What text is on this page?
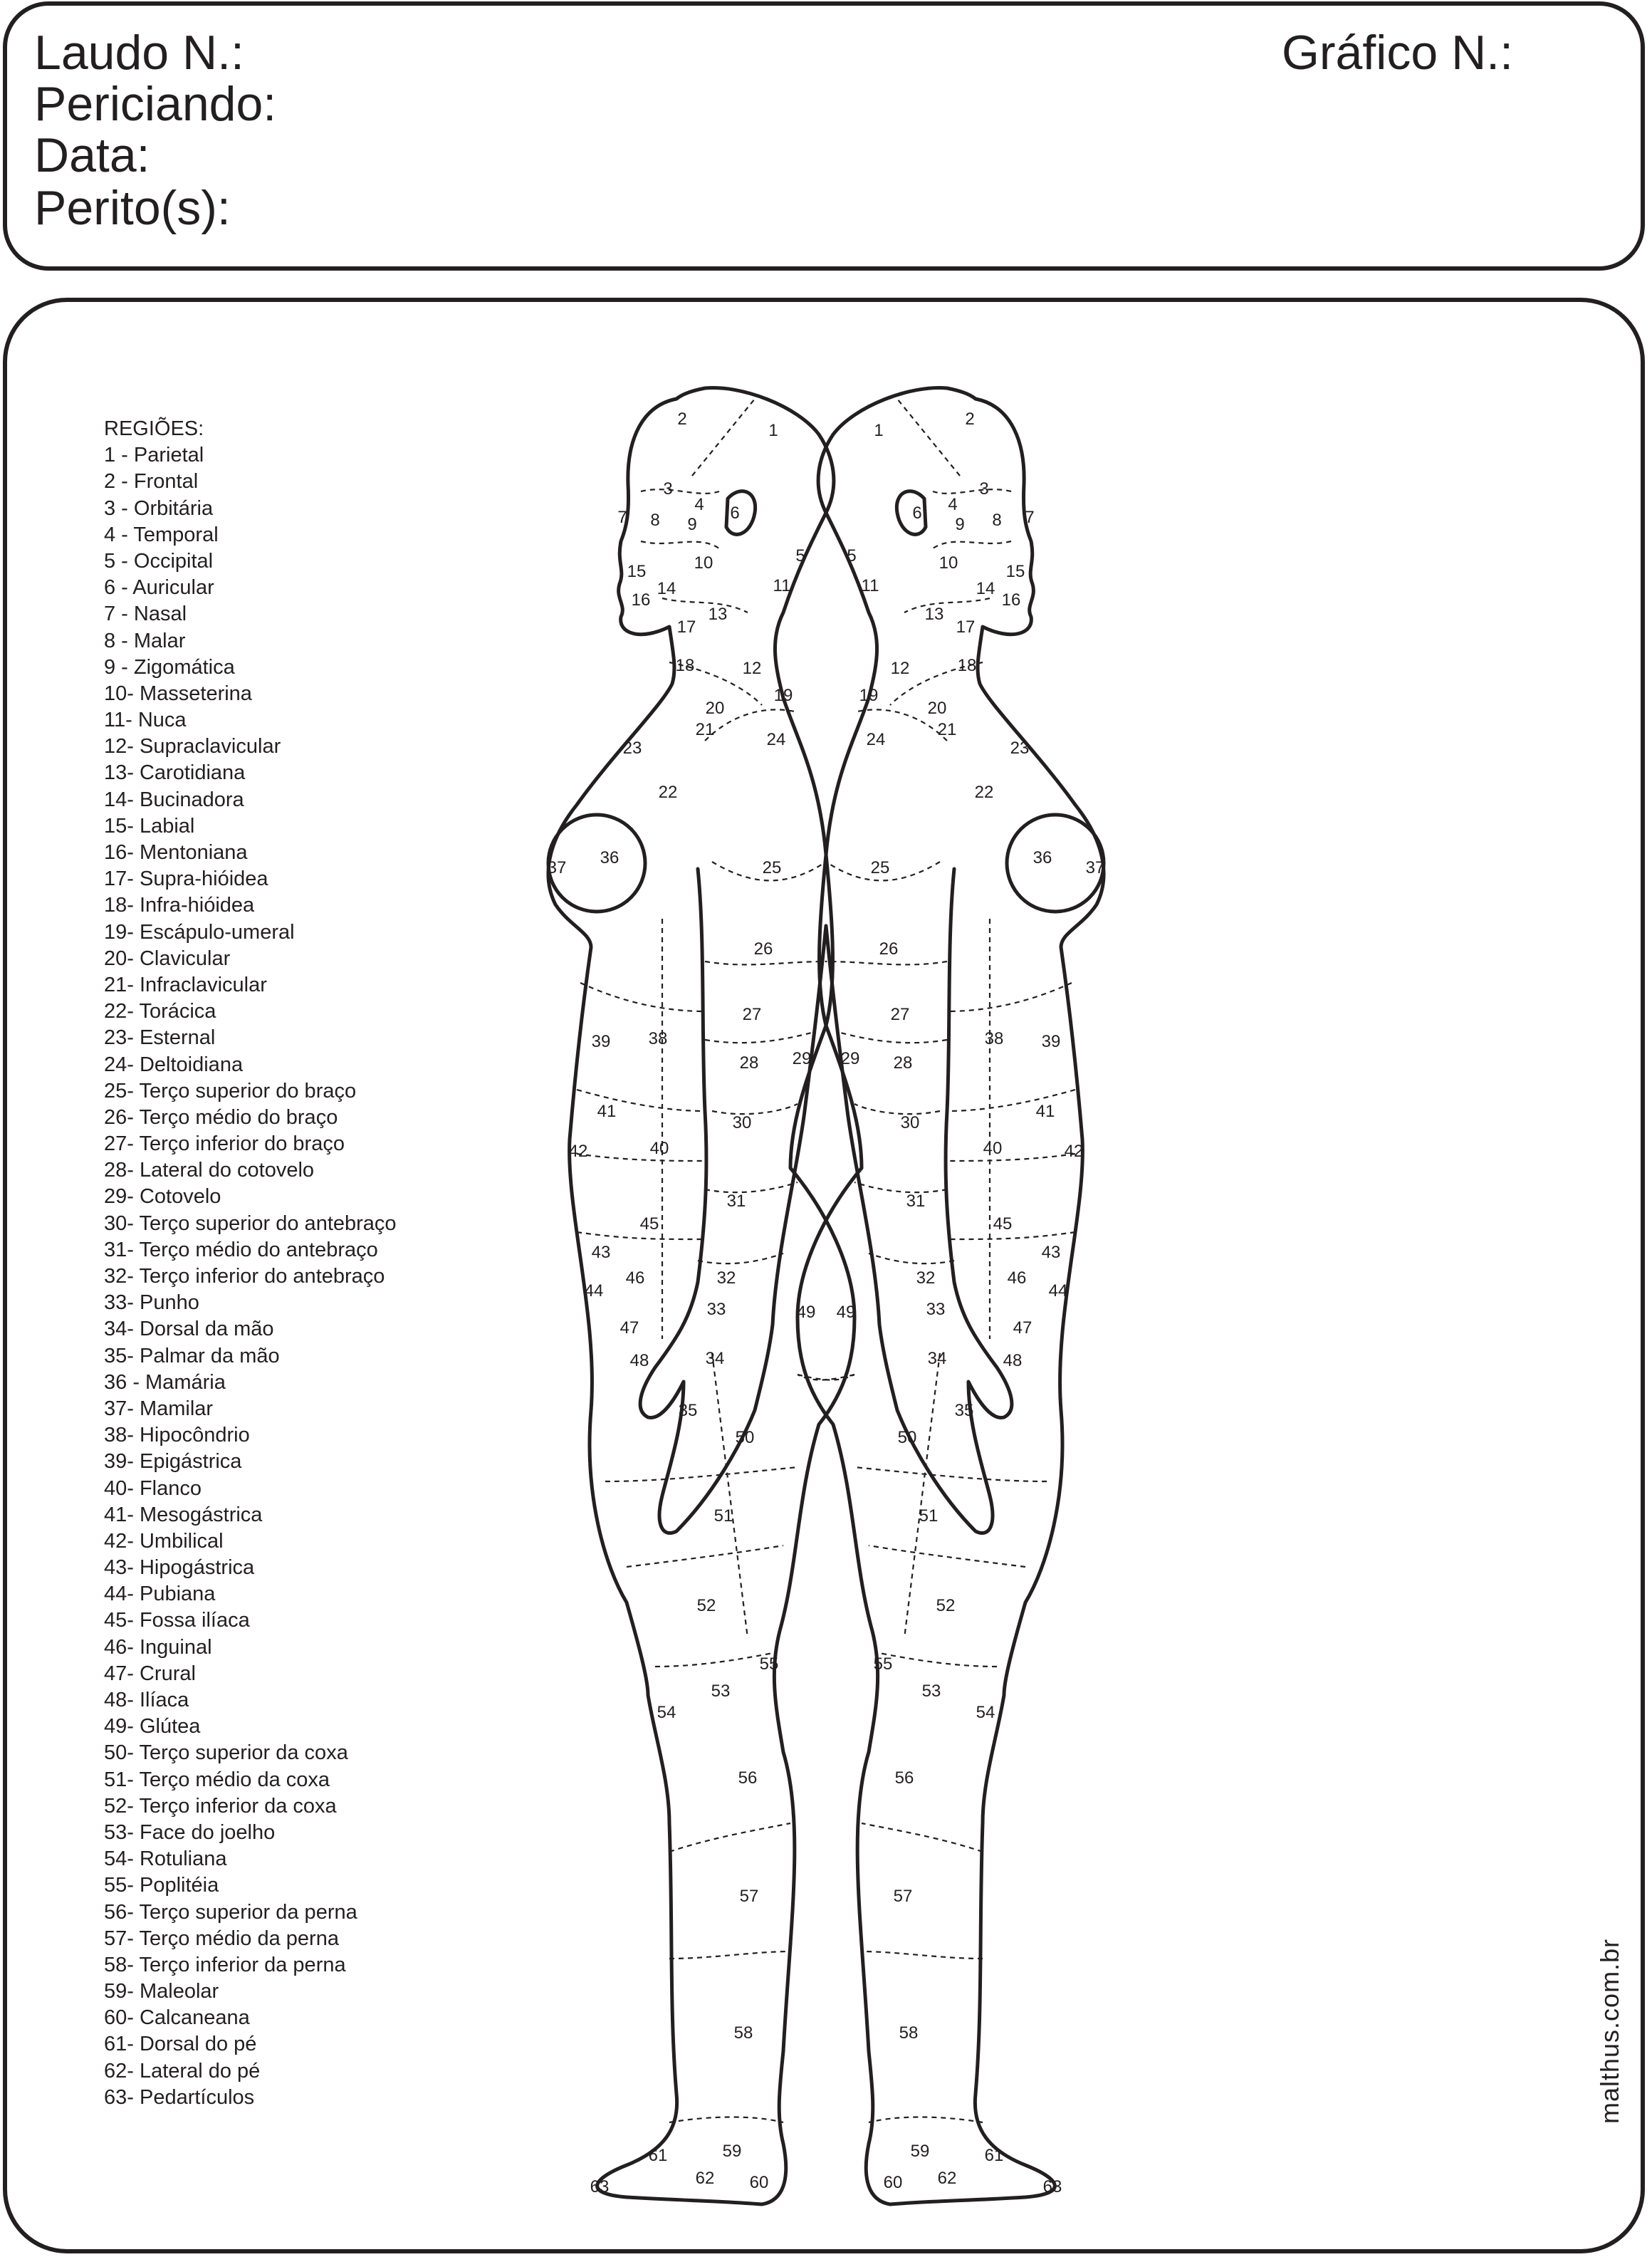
Laudo N.:
Periciando:
Data:
Perito(s):
Gráfico N.:
REGIÕES:
1 - Parietal
2 - Frontal
3 - Orbitária
4 - Temporal
5 - Occipital
6 - Auricular
7 - Nasal
8 - Malar
9 - Zigomática
10- Masseterina
11- Nuca
12- Supraclavicular
13- Carotidiana
14- Bucinadora
15- Labial
16- Mentoniana
17- Supra-hióidea
18- Infra-hióidea
19- Escápulo-umeral
20- Clavicular
21- Infraclavicular
22- Torácica
23- Esternal
24- Deltoidiana
25- Terço superior do braço
26- Terço médio do braço
27- Terço inferior do braço
28- Lateral do cotovelo
29- Cotovelo
30- Terço superior do antebraço
31- Terço médio do antebraço
32- Terço inferior do antebraço
33- Punho
34- Dorsal da mão
35- Palmar da mão
36 - Mamária
37- Mamilar
38- Hipocôndrio
39- Epigástrica
40- Flanco
41- Mesogástrica
42- Umbilical
43- Hipogástrica
44- Pubiana
45- Fossa ilíaca
46- Inguinal
47- Crural
48- Ilíaca
49- Glútea
50- Terço superior da coxa
51- Terço médio da coxa
52- Terço inferior da coxa
53- Face do joelho
54- Rotuliana
55- Poplitéia
56- Terço superior da perna
57- Terço médio da perna
58- Terço inferior da perna
59- Maleolar
60- Calcaneana
61- Dorsal do pé
62- Lateral do pé
63- Pedartículos
1
2
3
4
5
6
7 8 9
10
11
12
13
14
15
16
17
18
19
20
21
22
23	24
25
26
27
28 29
30
31
32
33
34
35
36
37
38
39
40
41
42
43
44
45
46
47
48
49
50
51
52
53
54
55
56
57
58
59
60
61
62
63
1
2
3
4
5
6	7
8
9
10
11
12
13
14
15
16
17
18
19
20
21
22
23
24
25
26
27
28
29
30
31
32
33
34
35
36
37
38 39
40
41
42
43
44
45
46
47
48
49
50
51
52
53
54
55
56
57
58
59
60
61
62	63
malthus.com.br
